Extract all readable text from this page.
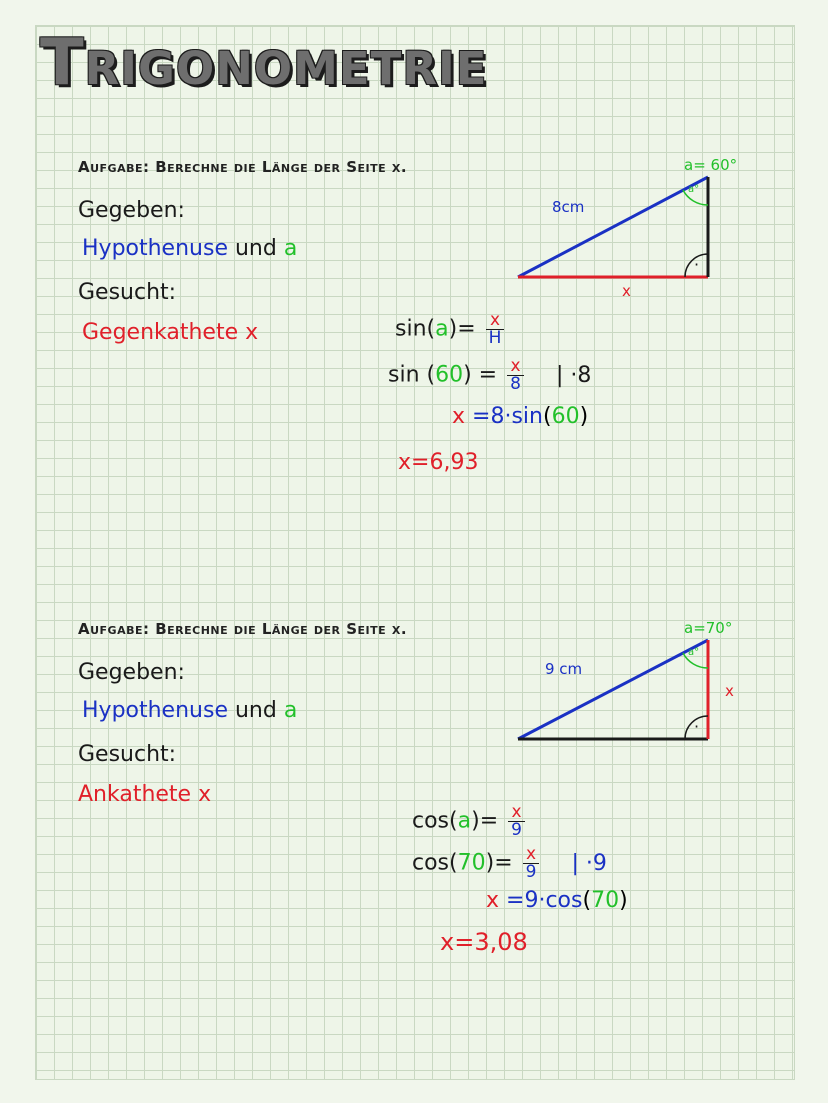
Trigonometrie
Aufgabe: Berechne die Länge der Seite x.
Gegeben:
Hypothenuse und a
Gesucht:
Gegenkathete x
8cm
x
a= 60°
a°
·
$\sin(a)= \frac{x}{H}$
$\sin (60) = \frac{x}{8}$ | ·8
x =8·sin(60)
x=6,93
Aufgabe: Berechne die Länge der Seite x.
Gegeben:
Hypothenuse und a
Gesucht:
Ankathete x
9 cm
x
a=70°
a°
·
$\cos(a)= \frac{x}{9}$
$\cos(70)= \frac{x}{9}$ | ·9
x =9·cos(70)
x=3,08
